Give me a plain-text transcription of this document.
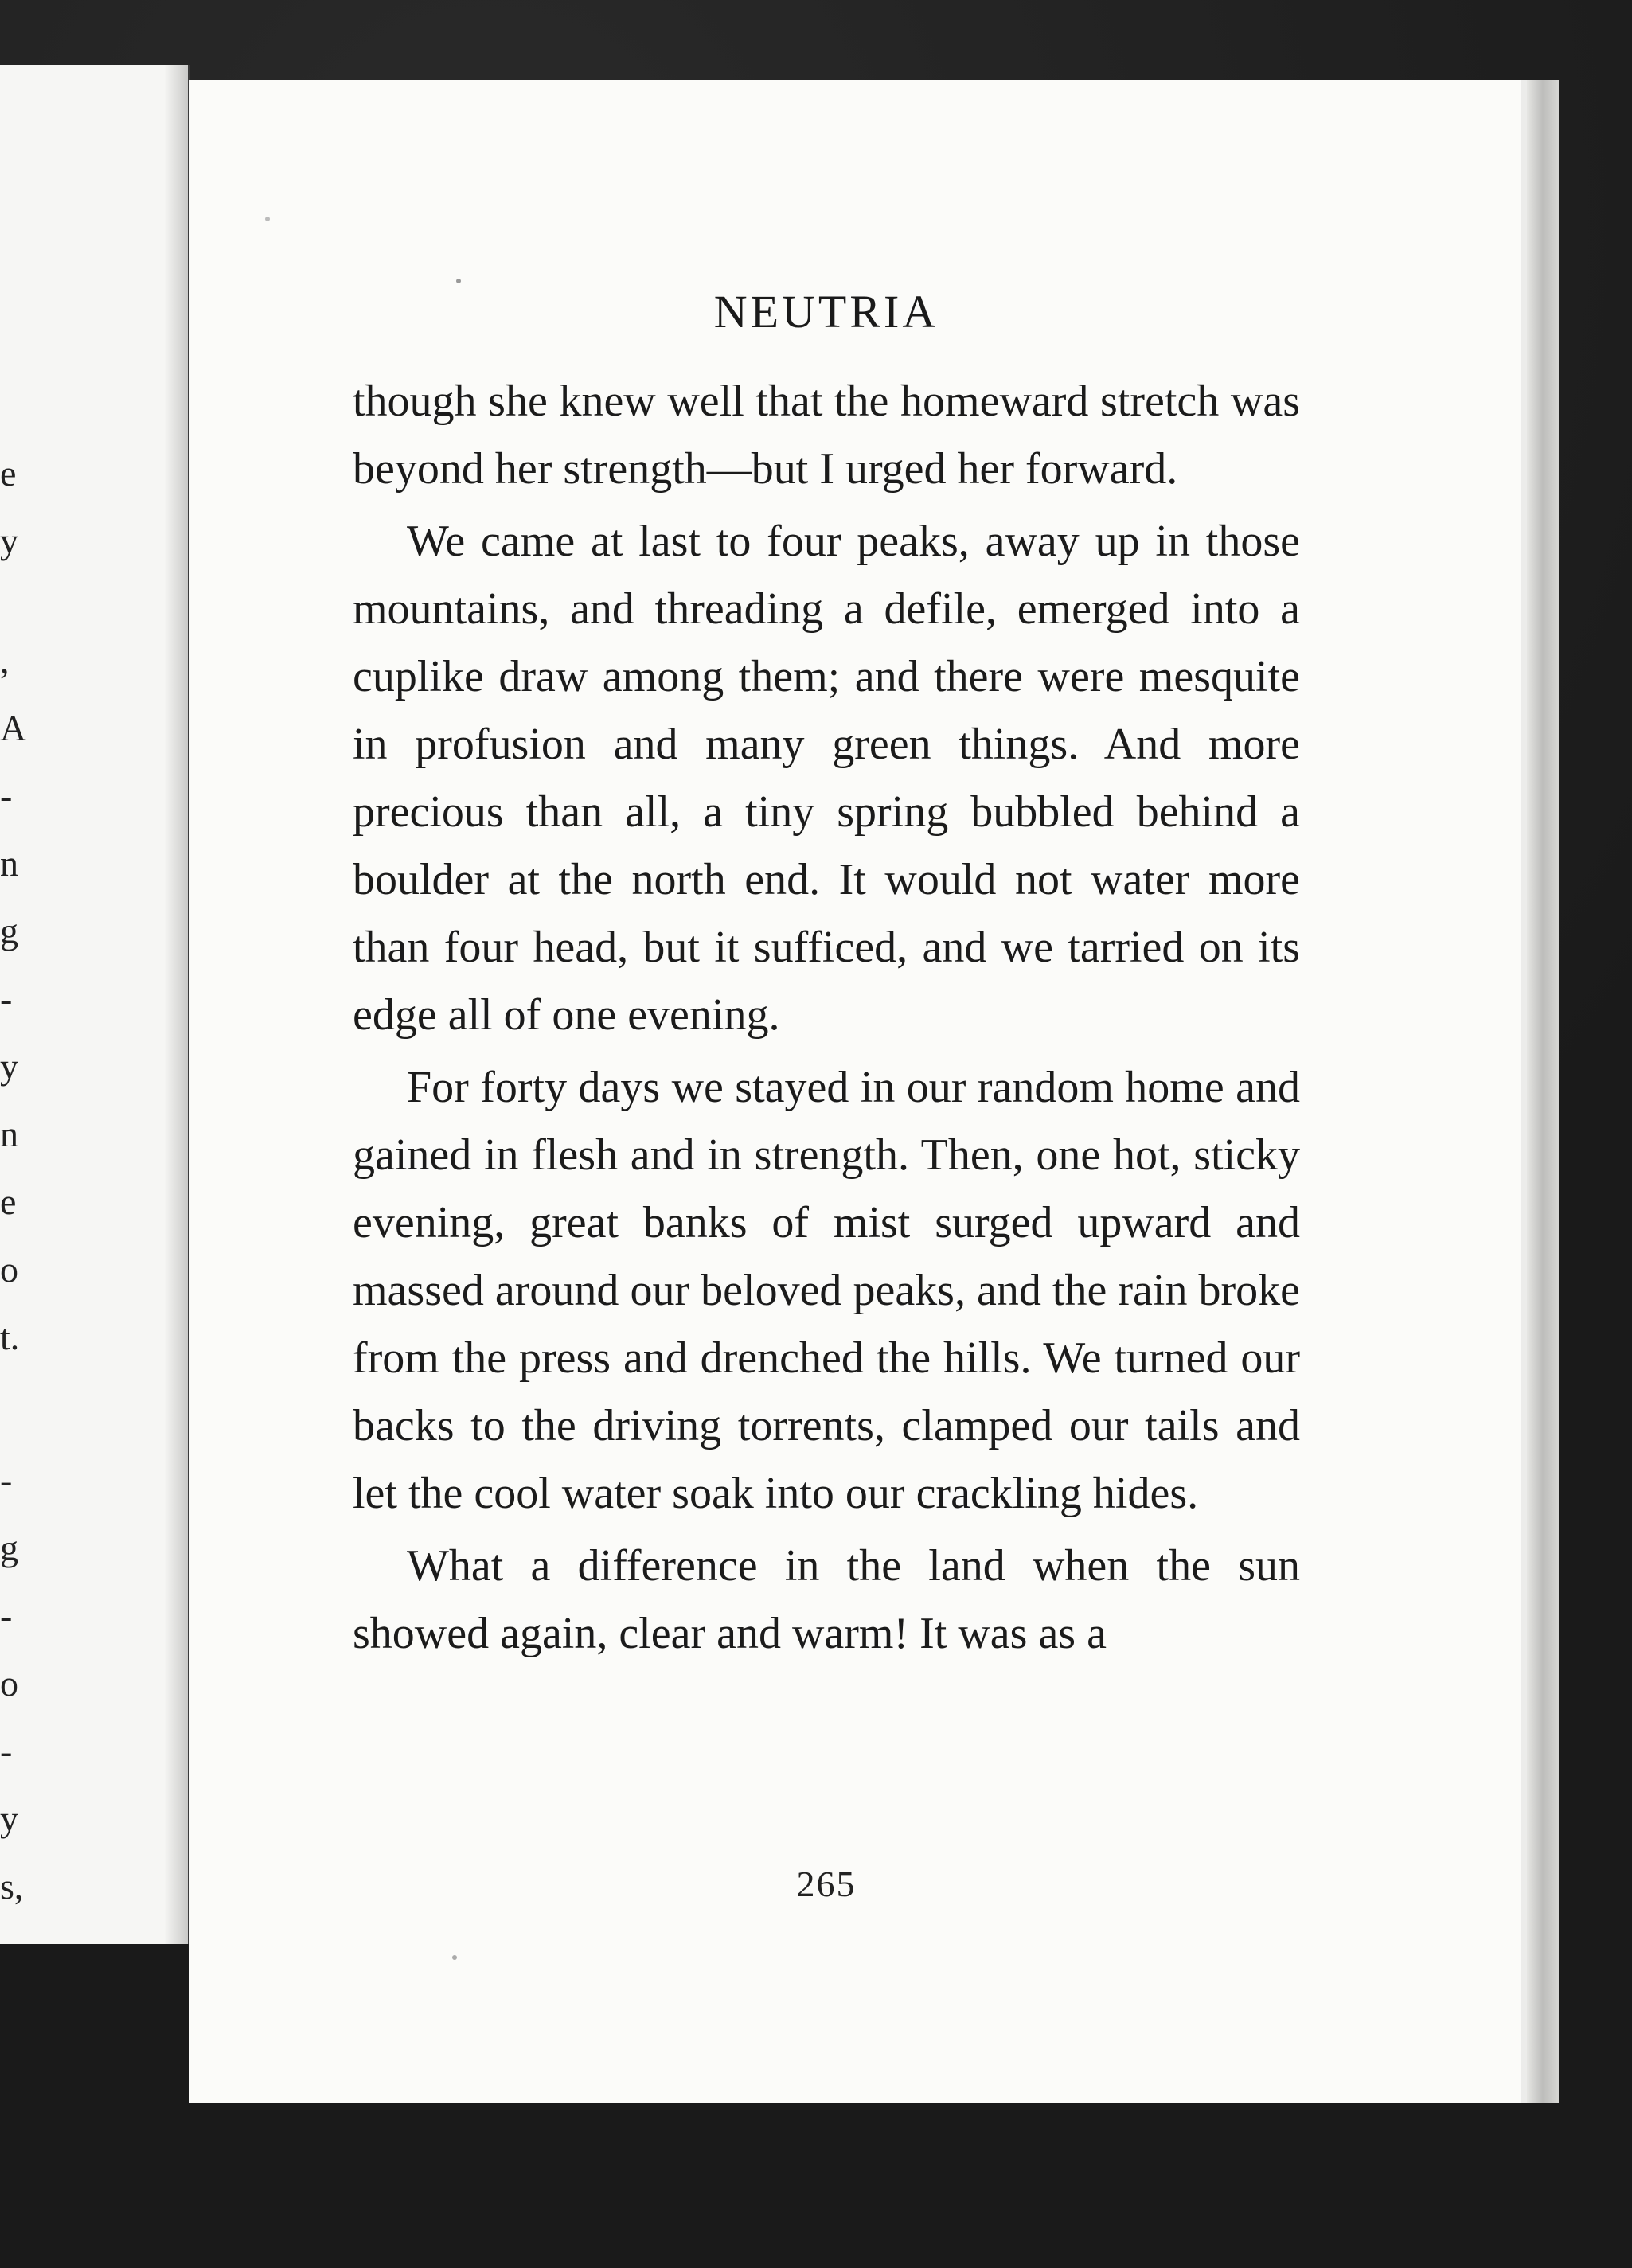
e
y
,
A
-
n
g
-
y
n
e
o
t.
-
g
-
o
-
y
s,
NEUTRIA

though she knew well that the homeward stretch was beyond her strength—but I urged her forward.

We came at last to four peaks, away up in those mountains, and threading a defile, emerged into a cuplike draw among them; and there were mesquite in profusion and many green things. And more precious than all, a tiny spring bubbled behind a boulder at the north end. It would not water more than four head, but it sufficed, and we tarried on its edge all of one evening.

For forty days we stayed in our random home and gained in flesh and in strength. Then, one hot, sticky evening, great banks of mist surged upward and massed around our beloved peaks, and the rain broke from the press and drenched the hills. We turned our backs to the driving torrents, clamped our tails and let the cool water soak into our crackling hides.

What a difference in the land when the sun showed again, clear and warm! It was as a

265
